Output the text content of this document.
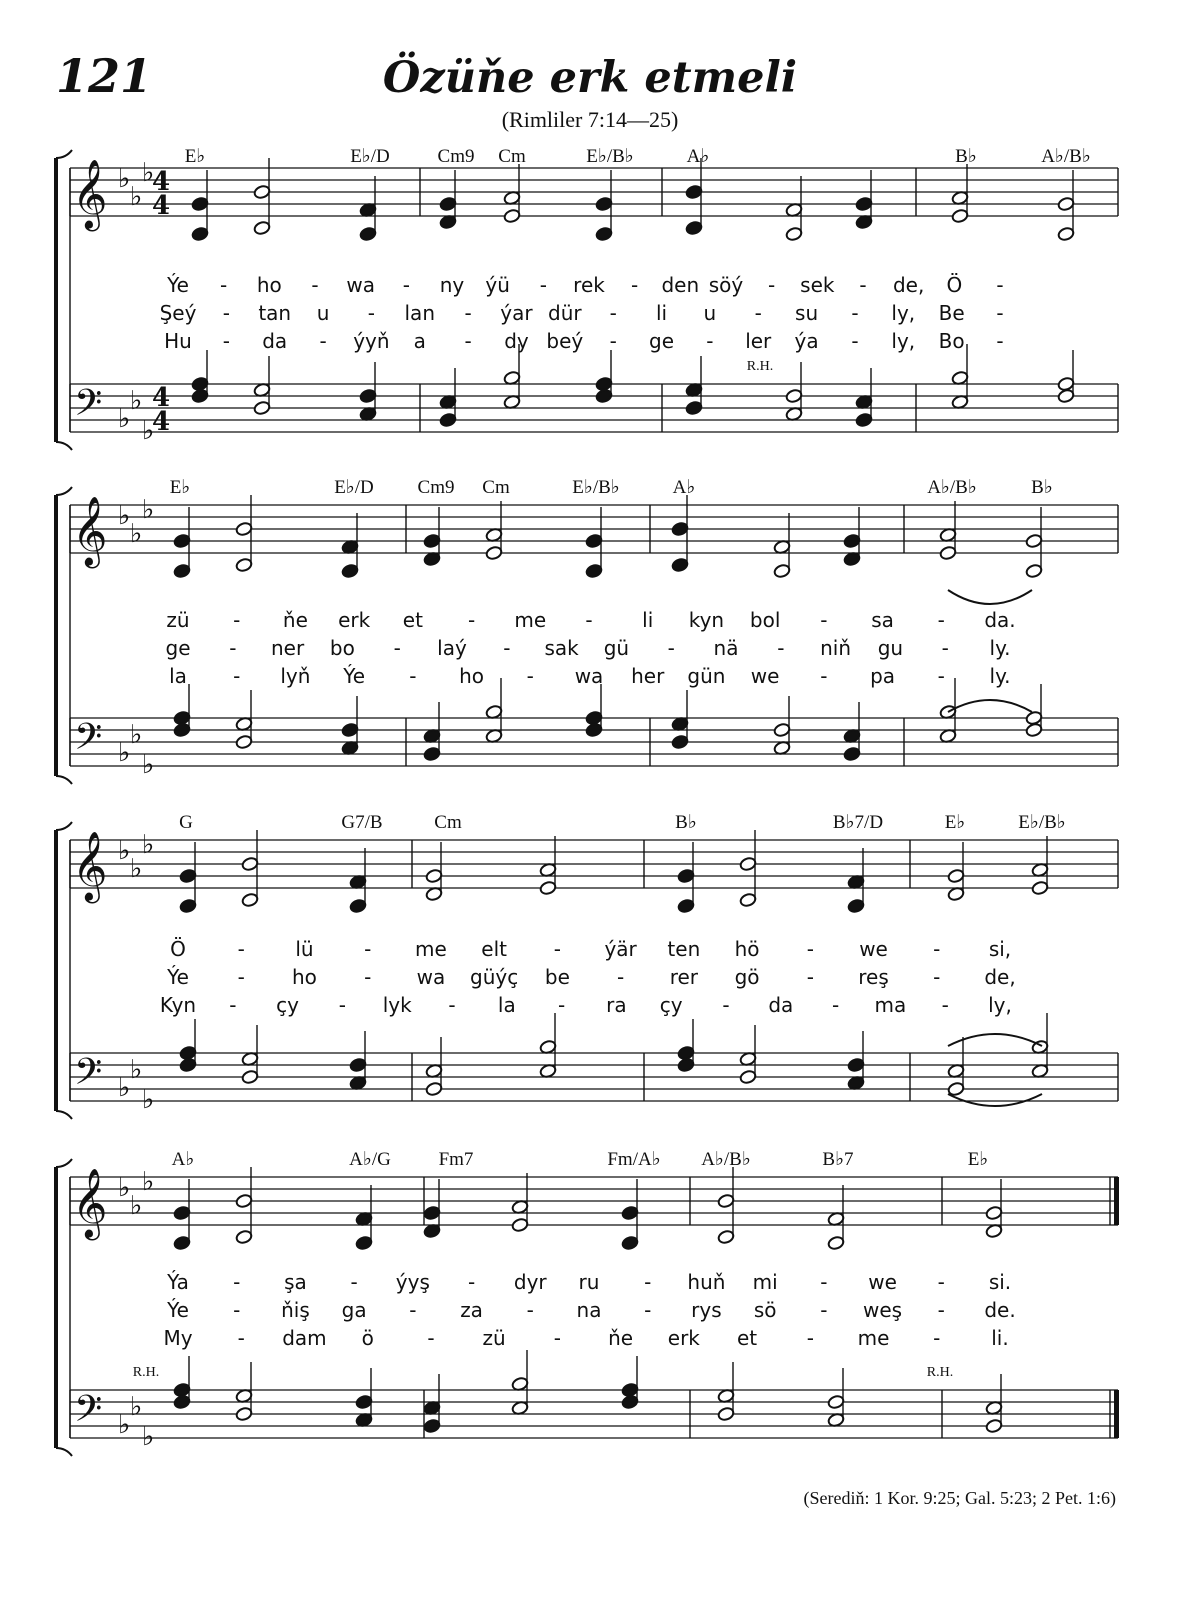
121	Özüňe erk etmeli
(Rimliler 7:14—25)
𝄞 ♭
♭
♭
4
4
𝄢 ♭
♭
♭
4
4
E♭	E♭/D	Cm9 Cm	E♭/B♭	A♭	B♭	A♭/B♭
Ýe - ho - wa - ny ýü - rek - den söý - sek - de, Ö -
Şeý - tan u - lan - ýar dür - li u - su - ly, Be -
Hu - da - ýyň a - dy beý - ge - ler ýa - ly, Bo -
R.H.
𝄞 ♭
♭
♭
𝄢 ♭
♭
♭
E♭	E♭/D Cm9 Cm	E♭/B♭	A♭	A♭/B♭	B♭
zü - ňe erk et - me - li kyn bol - sa - da.
ge - ner bo - laý - sak gü - nä - niň gu - ly.
la - lyň Ýe - ho - wa her gün we - pa - ly.
𝄞 ♭
♭
♭
𝄢 ♭
♭
♭
G	G7/B	Cm	B♭	B♭7/D	E♭	E♭/B♭
Ö	-	lü	- me elt - ýär ten hö - we - si,
Ýe - ho - wa güýç be - rer gö - reş - de,
Kyn - çy - lyk - la - ra çy - da - ma - ly,
𝄞 ♭
♭
♭
𝄢 ♭
♭
♭
A♭	A♭/G	Fm7	Fm/A♭ A♭/B♭	B♭7	E♭
Ýa - şa - ýyş - dyr ru - huň mi - we - si.
Ýe - ňiş ga - za - na - rys sö - weş - de.
My - dam ö	- zü - ňe erk et - me -	li.
R.H.	R.H.
(Serediň: 1 Kor. 9:25; Gal. 5:23; 2 Pet. 1:6)
